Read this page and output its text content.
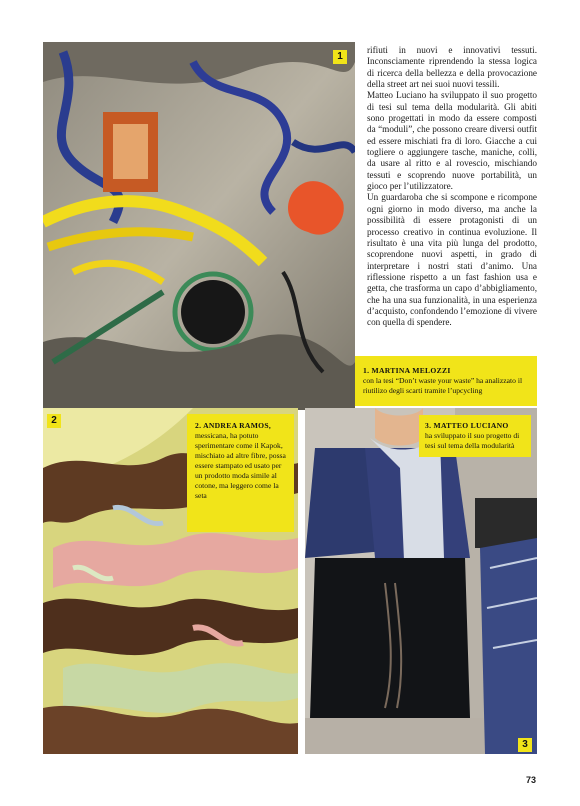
1
2
3

rifiuti in nuovi e innovativi tessuti. Inconsciamente riprendendo la stessa logica di ricerca della bellezza e della provocazione della street art nei suoi nuovi tessili.

Matteo Luciano ha sviluppato il suo progetto di tesi sul tema della modularità. Gli abiti sono progettati in modo da essere composti da “moduli”, che possono creare diversi outfit ed essere mischiati fra di loro. Giacche a cui togliere o aggiungere tasche, maniche, colli, da usare al ritto e al rovescio, mischiando tessuti e scoprendo nuove portabilità, un gioco per l’utilizzatore.

Un guardaroba che si scompone e ricompone ogni giorno in modo diverso, ma anche la possibilità di essere protagonisti di un processo creativo in continua evoluzione. Il risultato è una vita più lunga del prodotto, scoprendone nuovi aspetti, in grado di interpretare i nostri stati d’animo. Una riflessione rispetto a un fast fashion usa e getta, che trasforma un capo d’abbigliamento, che ha una sua funzionalità, in una esperienza d’acquisto, confondendo l’emozione di vivere con quella di spendere.

1. MARTINA MELOZZI
con la tesi “Don’t waste your waste” ha analizzato il riutilizo degli scarti tramite l’upcycling
2. ANDREA RAMOS,
messicana, ha potuto sperimentare come il Kapok, mischiato ad altre fibre, possa essere stampato ed usato per un prodotto moda simile al cotone, ma leggero come la seta
3. MATTEO LUCIANO
ha sviluppato il suo progetto di tesi sul tema della modularità
73
